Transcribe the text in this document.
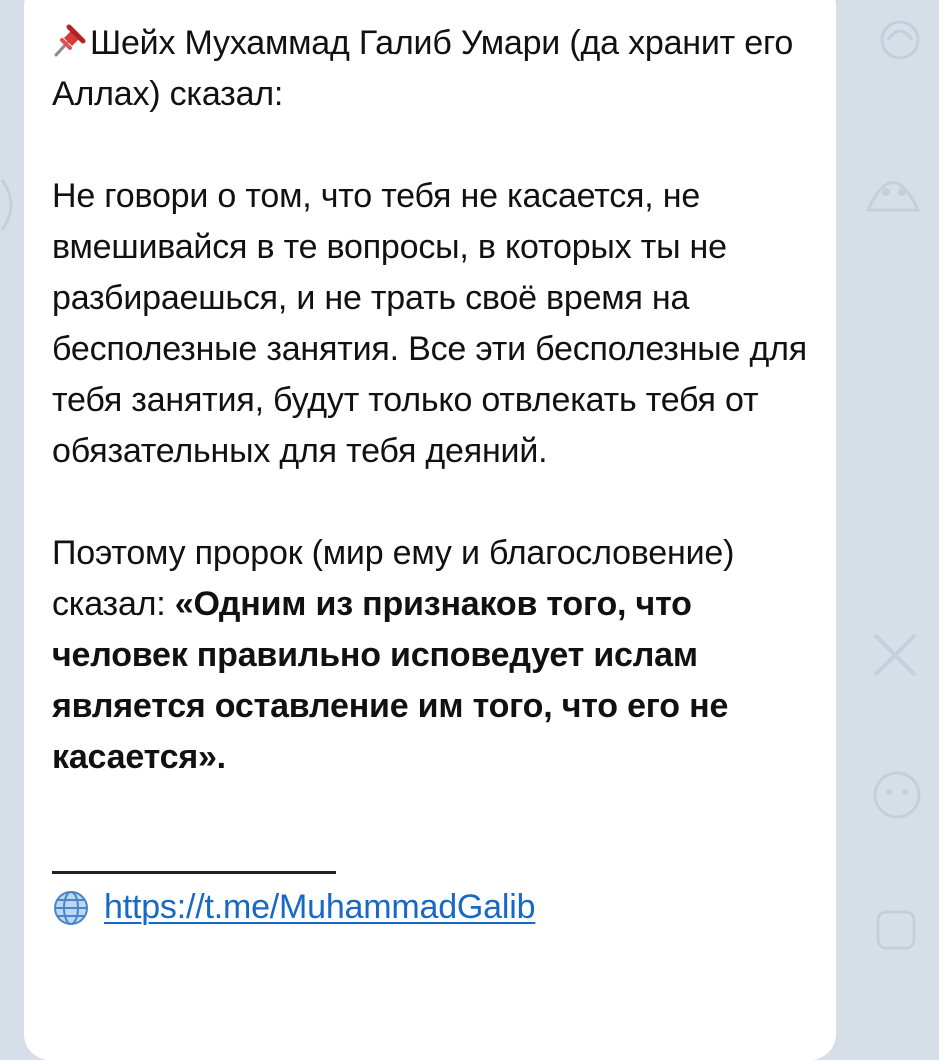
Шейх Мухаммад Галиб Умари (да хранит его Аллах) сказал:

Не говори о том, что тебя не касается, не вмешивайся в те вопросы, в которых ты не разбираешься, и не трать своё время на бесполезные занятия. Все эти бесполезные для тебя занятия, будут только отвлекать тебя от обязательных для тебя деяний.

Поэтому пророк (мир ему и благословение) сказал: «Одним из признаков того, что человек правильно исповедует ислам является оставление им того, что его не касается».

https://t.me/MuhammadGalib
